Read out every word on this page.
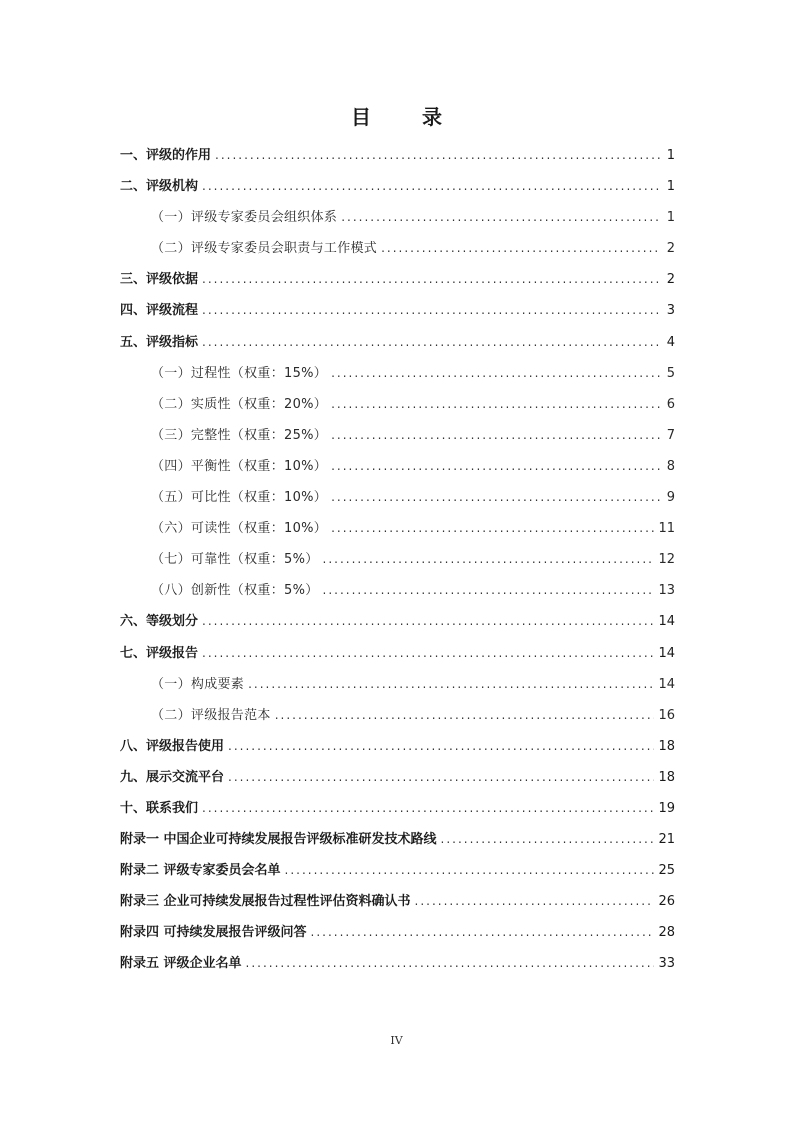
目 录
一、评级的作用 .....	1
二、评级机构 .....	1
（一）评级专家委员会组织体系 .....	1
（二）评级专家委员会职责与工作模式 .....	2
三、评级依据 .....	2
四、评级流程 .....	3
五、评级指标 .....	4
（一）过程性（权重：15%） .....	5
（二）实质性（权重：20%） .....	6
（三）完整性（权重：25%） .....	7
（四）平衡性（权重：10%） .....	8
（五）可比性（权重：10%） .....	9
（六）可读性（权重：10%） .....	11
（七）可靠性（权重：5%） .....	12
（八）创新性（权重：5%） .....	13
六、等级划分 .....	14
七、评级报告 .....	14
（一）构成要素 .....	14
（二）评级报告范本 .....	16
八、评级报告使用 .....	18
九、展示交流平台 .....	18
十、联系我们 .....	19
附录一 中国企业可持续发展报告评级标准研发技术路线 .....	21
附录二 评级专家委员会名单 .....	25
附录三 企业可持续发展报告过程性评估资料确认书 .....	26
附录四 可持续发展报告评级问答 .....	28
附录五 评级企业名单 .....	33
IV
